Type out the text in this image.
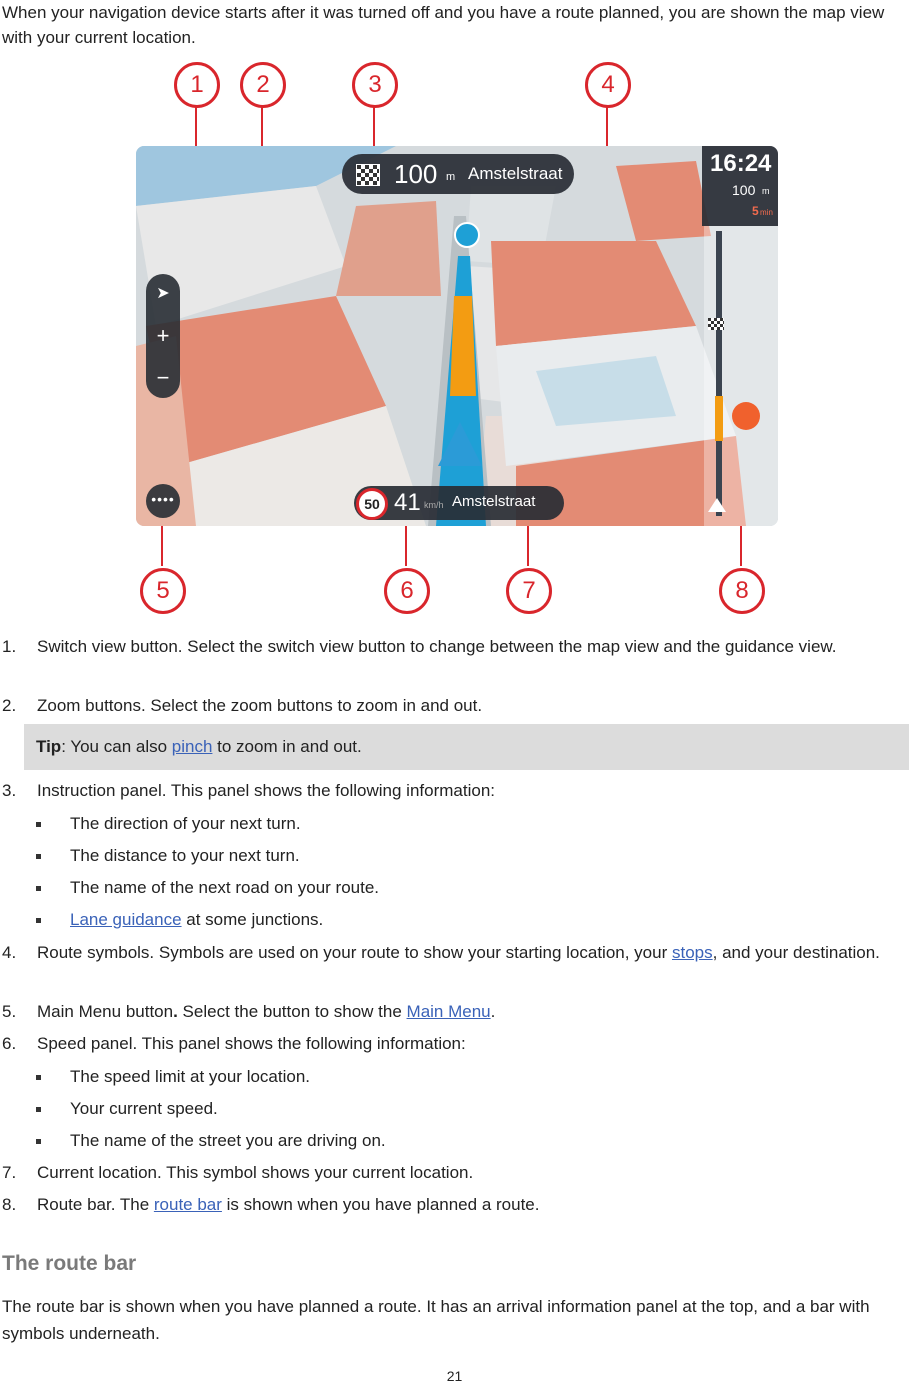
When your navigation device starts after it was turned off and you have a route planned, you are shown the map view with your current location.
100 m Amstelstraat	16:24
100 m
5 min
➤
+
−
••••	50 41 km/h Amstelstraat
1	2	3	4
5	6	7	8
1. Switch view button. Select the switch view button to change between the map view and the guidance view.
2. Zoom buttons. Select the zoom buttons to zoom in and out.
Tip: You can also pinch to zoom in and out.
3. Instruction panel. This panel shows the following information:
The direction of your next turn.
The distance to your next turn.
The name of the next road on your route.
Lane guidance at some junctions.
4. Route symbols. Symbols are used on your route to show your starting location, your stops, and your destination.
5. Main Menu button. Select the button to show the Main Menu.
6. Speed panel. This panel shows the following information:
The speed limit at your location.
Your current speed.
The name of the street you are driving on.
7. Current location. This symbol shows your current location.
8. Route bar. The route bar is shown when you have planned a route.
The route bar
The route bar is shown when you have planned a route. It has an arrival information panel at the top, and a bar with symbols underneath.
21
